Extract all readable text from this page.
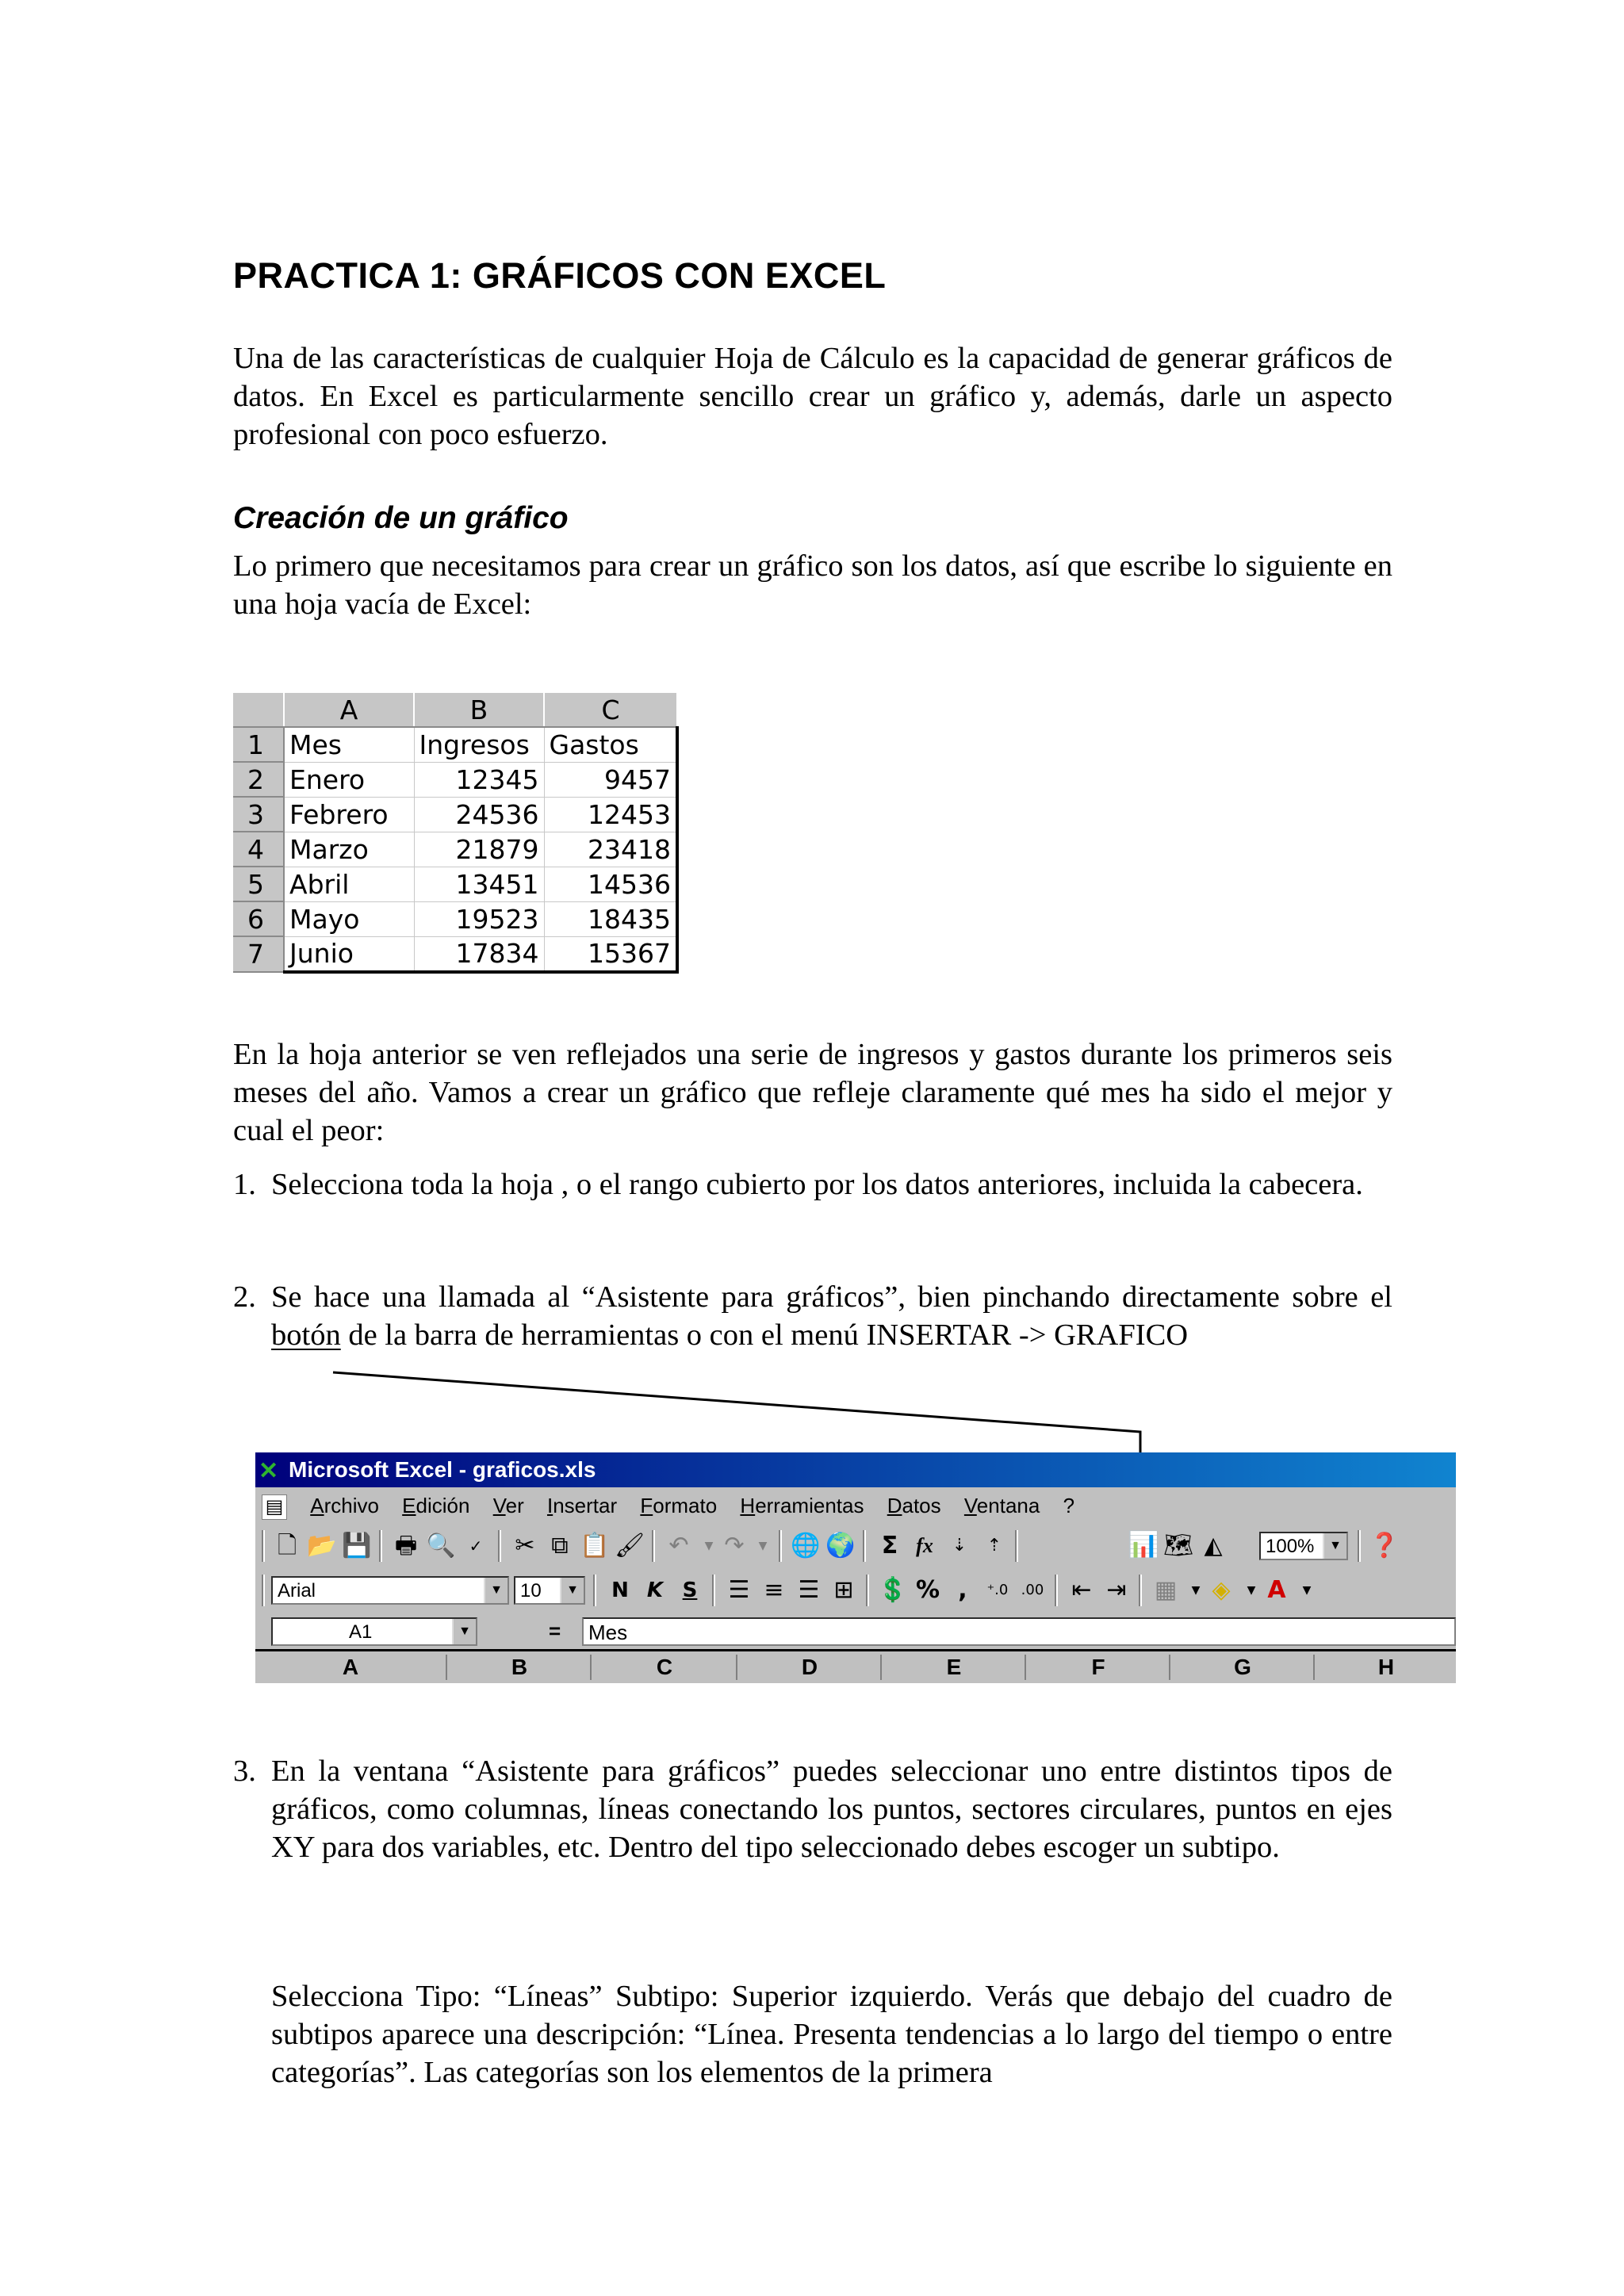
PRACTICA 1: GRÁFICOS CON EXCEL
Una de las características de cualquier Hoja de Cálculo es la capacidad de generar gráficos de datos. En Excel es particularmente sencillo crear un gráfico y, además, darle un aspecto profesional con poco esfuerzo.
Creación de un gráfico
Lo primero que necesitamos para crear un gráfico son los datos, así que escribe lo siguiente en una hoja vacía de Excel:
	A	B	C
1	Mes	Ingresos	Gastos
2	Enero	12345	9457
3	Febrero	24536	12453
4	Marzo	21879	23418
5	Abril	13451	14536
6	Mayo	19523	18435
7	Junio	17834	15367
En la hoja anterior se ven reflejados una serie de ingresos y gastos durante los primeros seis meses del año. Vamos a crear un gráfico que refleje claramente qué mes ha sido el mejor y cual el peor:
1. Selecciona toda la hoja , o el rango cubierto por los datos anteriores, incluida la cabecera.
2. Se hace una llamada al “Asistente para gráficos”, bien pinchando directamente sobre el botón de la barra de herramientas o con el menú INSERTAR -> GRAFICO
✕ Microsoft Excel - graficos.xls
▤ Archivo Edición Ver Insertar Formato Herramientas Datos Ventana ?
🗋 📂 💾 🖶 🔍 ✓	✂ ⧉ 📋 🖌 ↶	▼ ↷	▼ 🌐 🌍	Σ fx	⇣	⇡	📊 🗺 ◭	100%	▼ ❓
Arial	▼ 10	▼	N K S	☰ ≡ ☰ ⊞ 💲 % ,	⁺.0 .00 ⇤ ⇥ ▦	▼ ◈	▼ A	▼
A1	▼	=	Mes
A	B	C	D	E	F	G	H
3. En la ventana “Asistente para gráficos” puedes seleccionar uno entre distintos tipos de gráficos, como columnas, líneas conectando los puntos, sectores circulares, puntos en ejes XY para dos variables, etc. Dentro del tipo seleccionado debes escoger un subtipo.
Selecciona Tipo: “Líneas” Subtipo: Superior izquierdo. Verás que debajo del cuadro de subtipos aparece una descripción: “Línea. Presenta tendencias a lo largo del tiempo o entre categorías”. Las categorías son los elementos de la primera
